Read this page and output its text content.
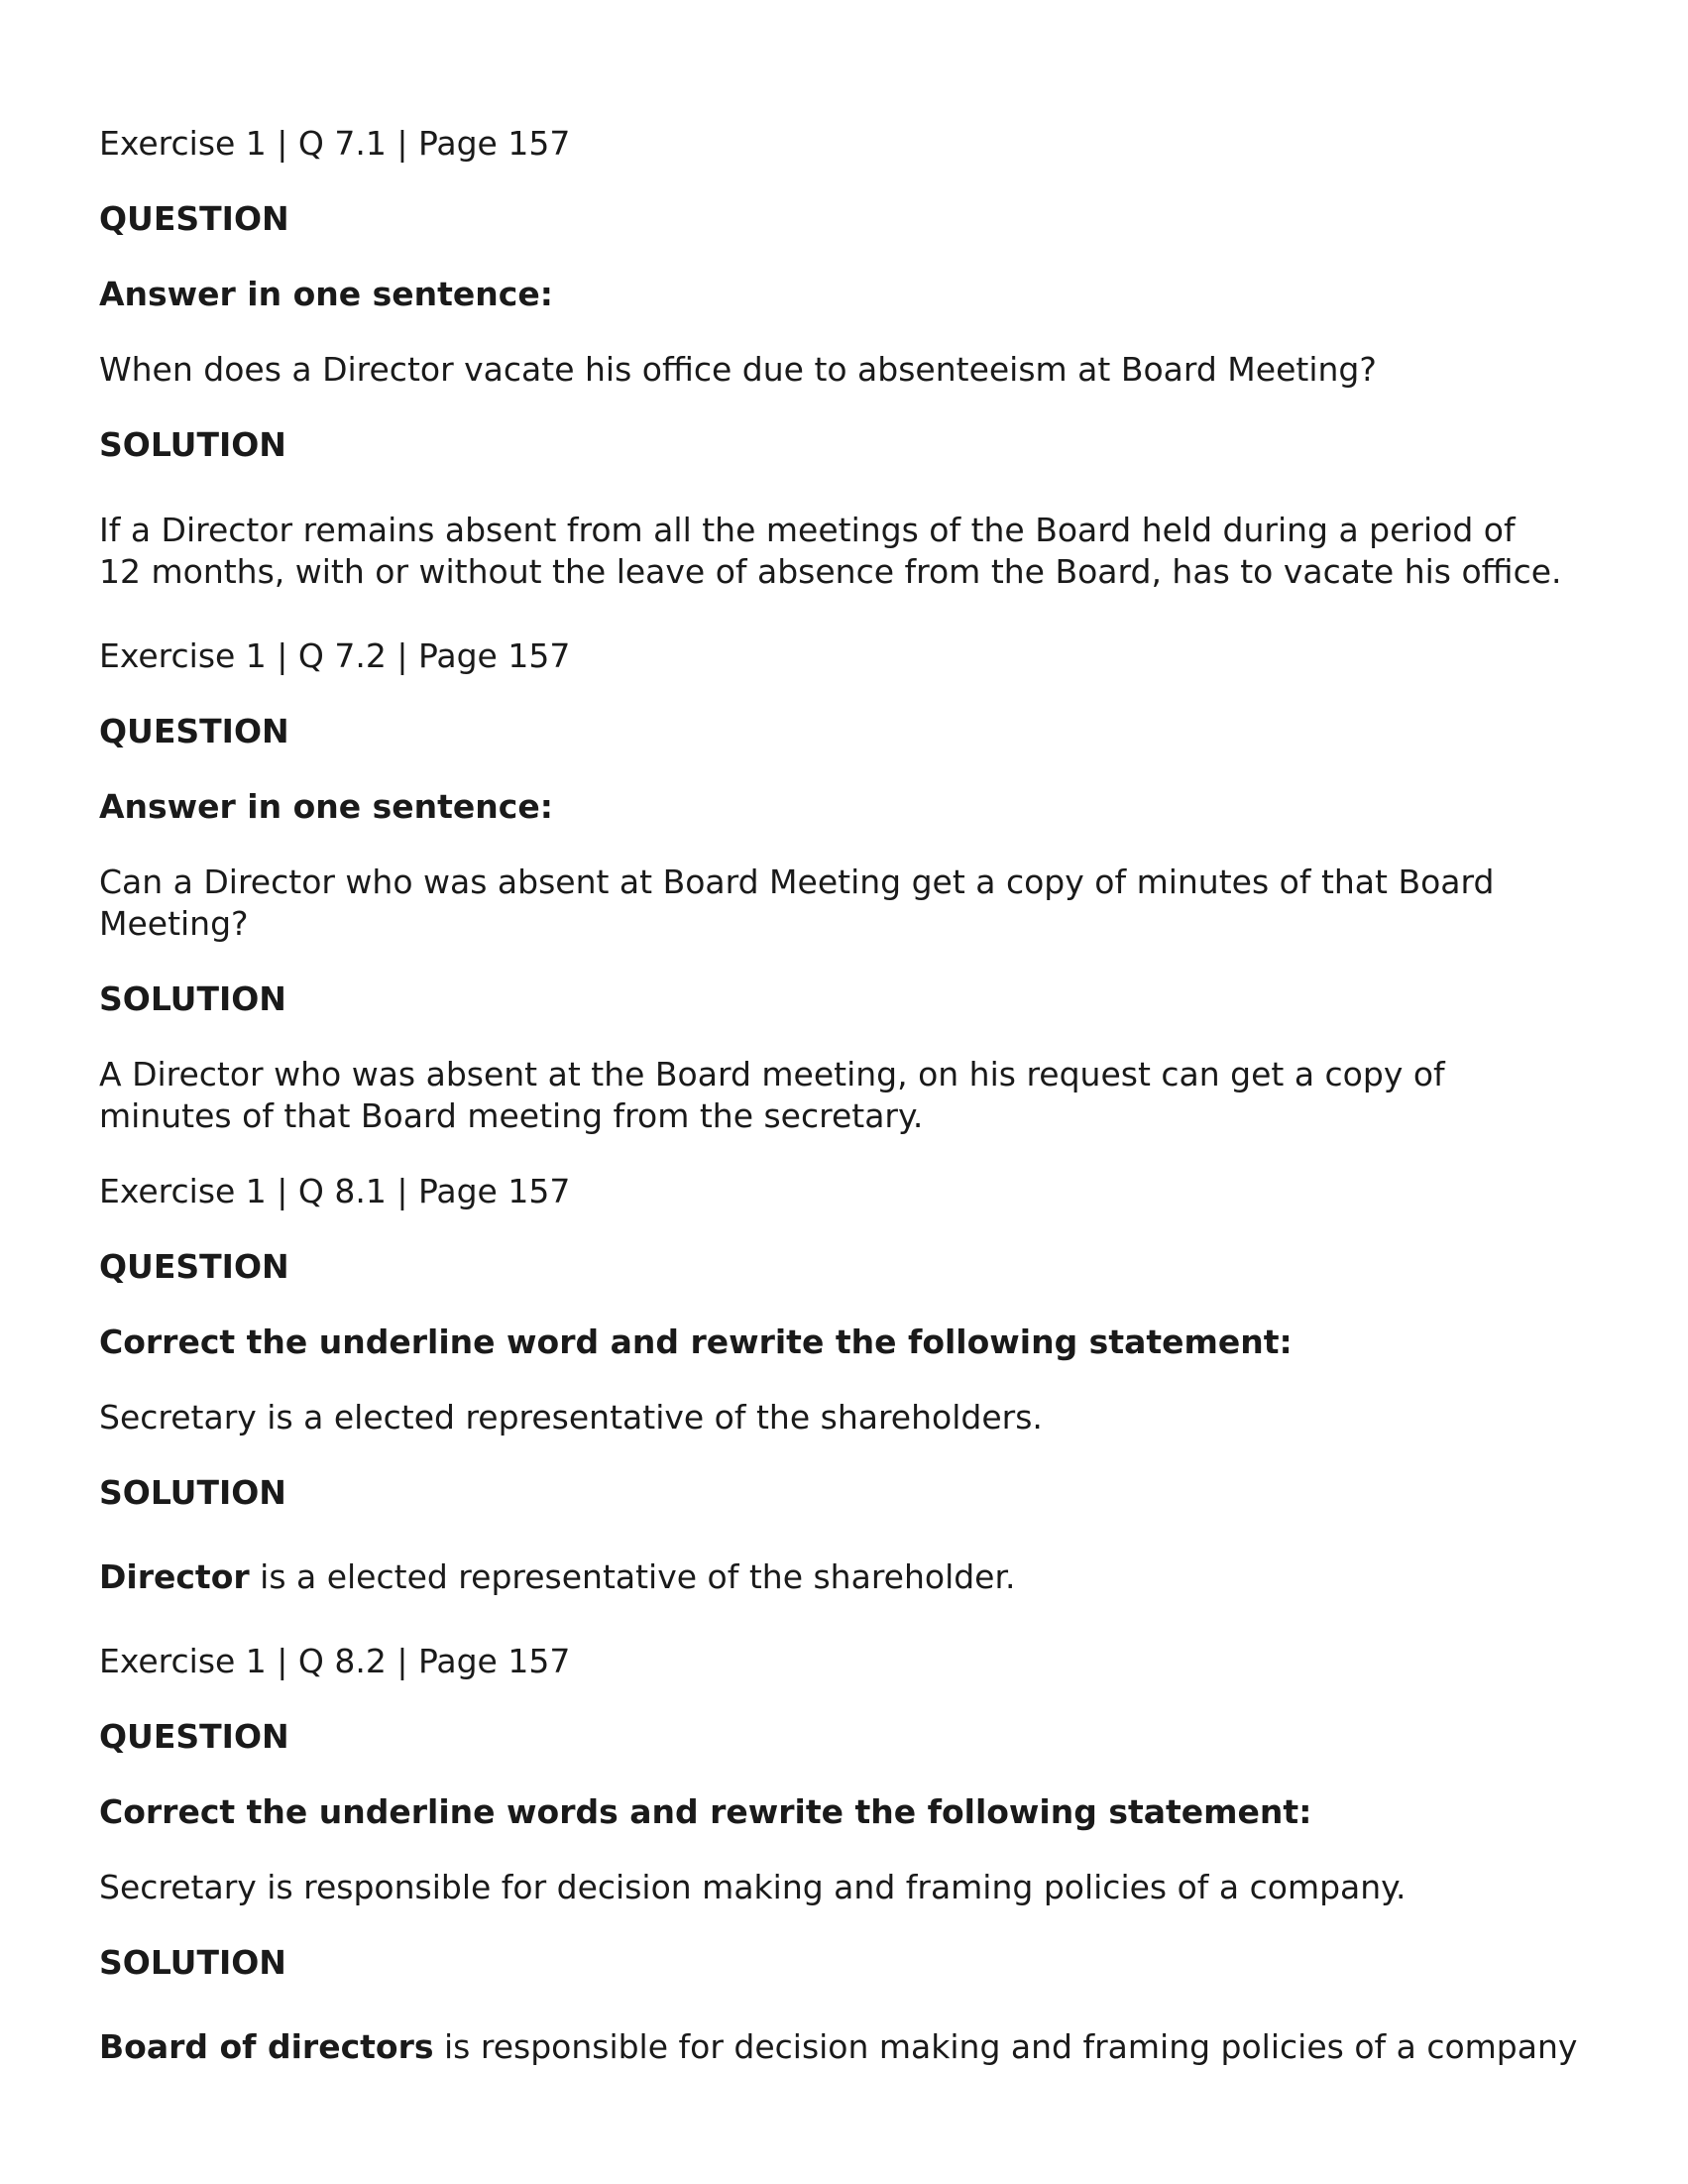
Exercise 1 | Q 7.1 | Page 157
QUESTION
Answer in one sentence:
When does a Director vacate his office due to absenteeism at Board Meeting?
SOLUTION
If a Director remains absent from all the meetings of the Board held during a period of
12 months, with or without the leave of absence from the Board, has to vacate his office.
Exercise 1 | Q 7.2 | Page 157
QUESTION
Answer in one sentence:
Can a Director who was absent at Board Meeting get a copy of minutes of that Board
Meeting?
SOLUTION
A Director who was absent at the Board meeting, on his request can get a copy of
minutes of that Board meeting from the secretary.
Exercise 1 | Q 8.1 | Page 157
QUESTION
Correct the underline word and rewrite the following statement:
Secretary is a elected representative of the shareholders.
SOLUTION
Director is a elected representative of the shareholder.
Exercise 1 | Q 8.2 | Page 157
QUESTION
Correct the underline words and rewrite the following statement:
Secretary is responsible for decision making and framing policies of a company.
SOLUTION
Board of directors is responsible for decision making and framing policies of a company
